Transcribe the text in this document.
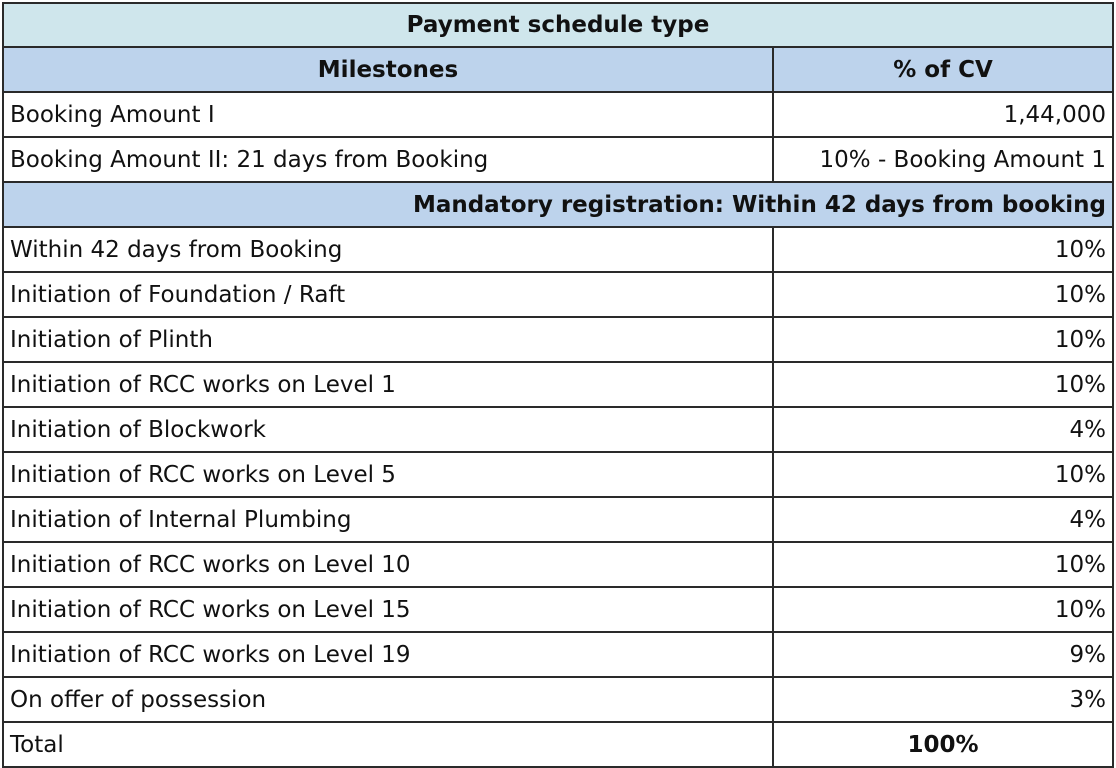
Payment schedule type	
Milestones	% of CV
Booking Amount I	1,44,000
Booking Amount II: 21 days from Booking	10% - Booking Amount 1
Mandatory registration: Within 42 days from booking	
Within 42 days from Booking	10%
Initiation of Foundation / Raft	10%
Initiation of Plinth	10%
Initiation of RCC works on Level 1	10%
Initiation of Blockwork	4%
Initiation of RCC works on Level 5	10%
Initiation of Internal Plumbing	4%
Initiation of RCC works on Level 10	10%
Initiation of RCC works on Level 15	10%
Initiation of RCC works on Level 19	9%
On offer of possession	3%
Total	100%
